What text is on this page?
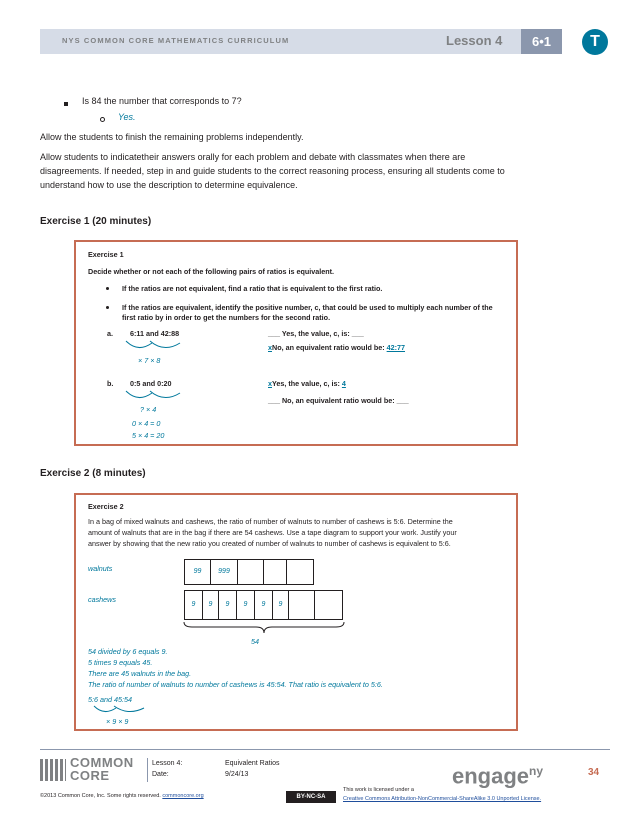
NYS COMMON CORE MATHEMATICS CURRICULUM	Lesson 4	6•1	T
Is 84 the number that corresponds to 7?
Yes.
Allow the students to finish the remaining problems independently.
Allow students to indicatetheir answers orally for each problem and debate with classmates when there are
disagreements. If needed, step in and guide students to the correct reasoning process, ensuring all students come to
understand how to use the description to determine equivalence.
Exercise 1 (20 minutes)
Exercise 1
Decide whether or not each of the following pairs of ratios is equivalent.
If the ratios are not equivalent, find a ratio that is equivalent to the first ratio.
If the ratios are equivalent, identify the positive number, c, that could be used to multiply each number of the
first ratio by in order to get the numbers for the second ratio.
a. 6:11 and 42:88
× 7 × 8
___ Yes, the value, c, is: ___
xNo, an equivalent ratio would be: 42:77
b. 0:5 and 0:20
? × 4
0 × 4 = 0
5 × 4 = 20
xYes, the value, c, is: 4
___ No, an equivalent ratio would be: ___
Exercise 2 (8 minutes)
Exercise 2
In a bag of mixed walnuts and cashews, the ratio of number of walnuts to number of cashews is 5:6. Determine the
amount of walnuts that are in the bag if there are 54 cashews. Use a tape diagram to support your work. Justify your
answer by showing that the new ratio you created of number of walnuts to number of cashews is equivalent to 5:6.
walnuts
cashews
99	999
9	9	9	9	9	9
54
54 divided by 6 equals 9.
5 times 9 equals 45.
There are 45 walnuts in the bag.
The ratio of number of walnuts to number of cashews is 45:54. That ratio is equivalent to 5:6.
5:6 and 45:54
× 9 × 9
COMMON
CORE
Lesson 4:	Equivalent Ratios
Date:	9/24/13	engage$^{ny}$	34
©2013 Common Core, Inc. Some rights reserved. commoncore.org	BY-NC-SA
This work is licensed under a
Creative Commons Attribution-NonCommercial-ShareAlike 3.0 Unported License.
